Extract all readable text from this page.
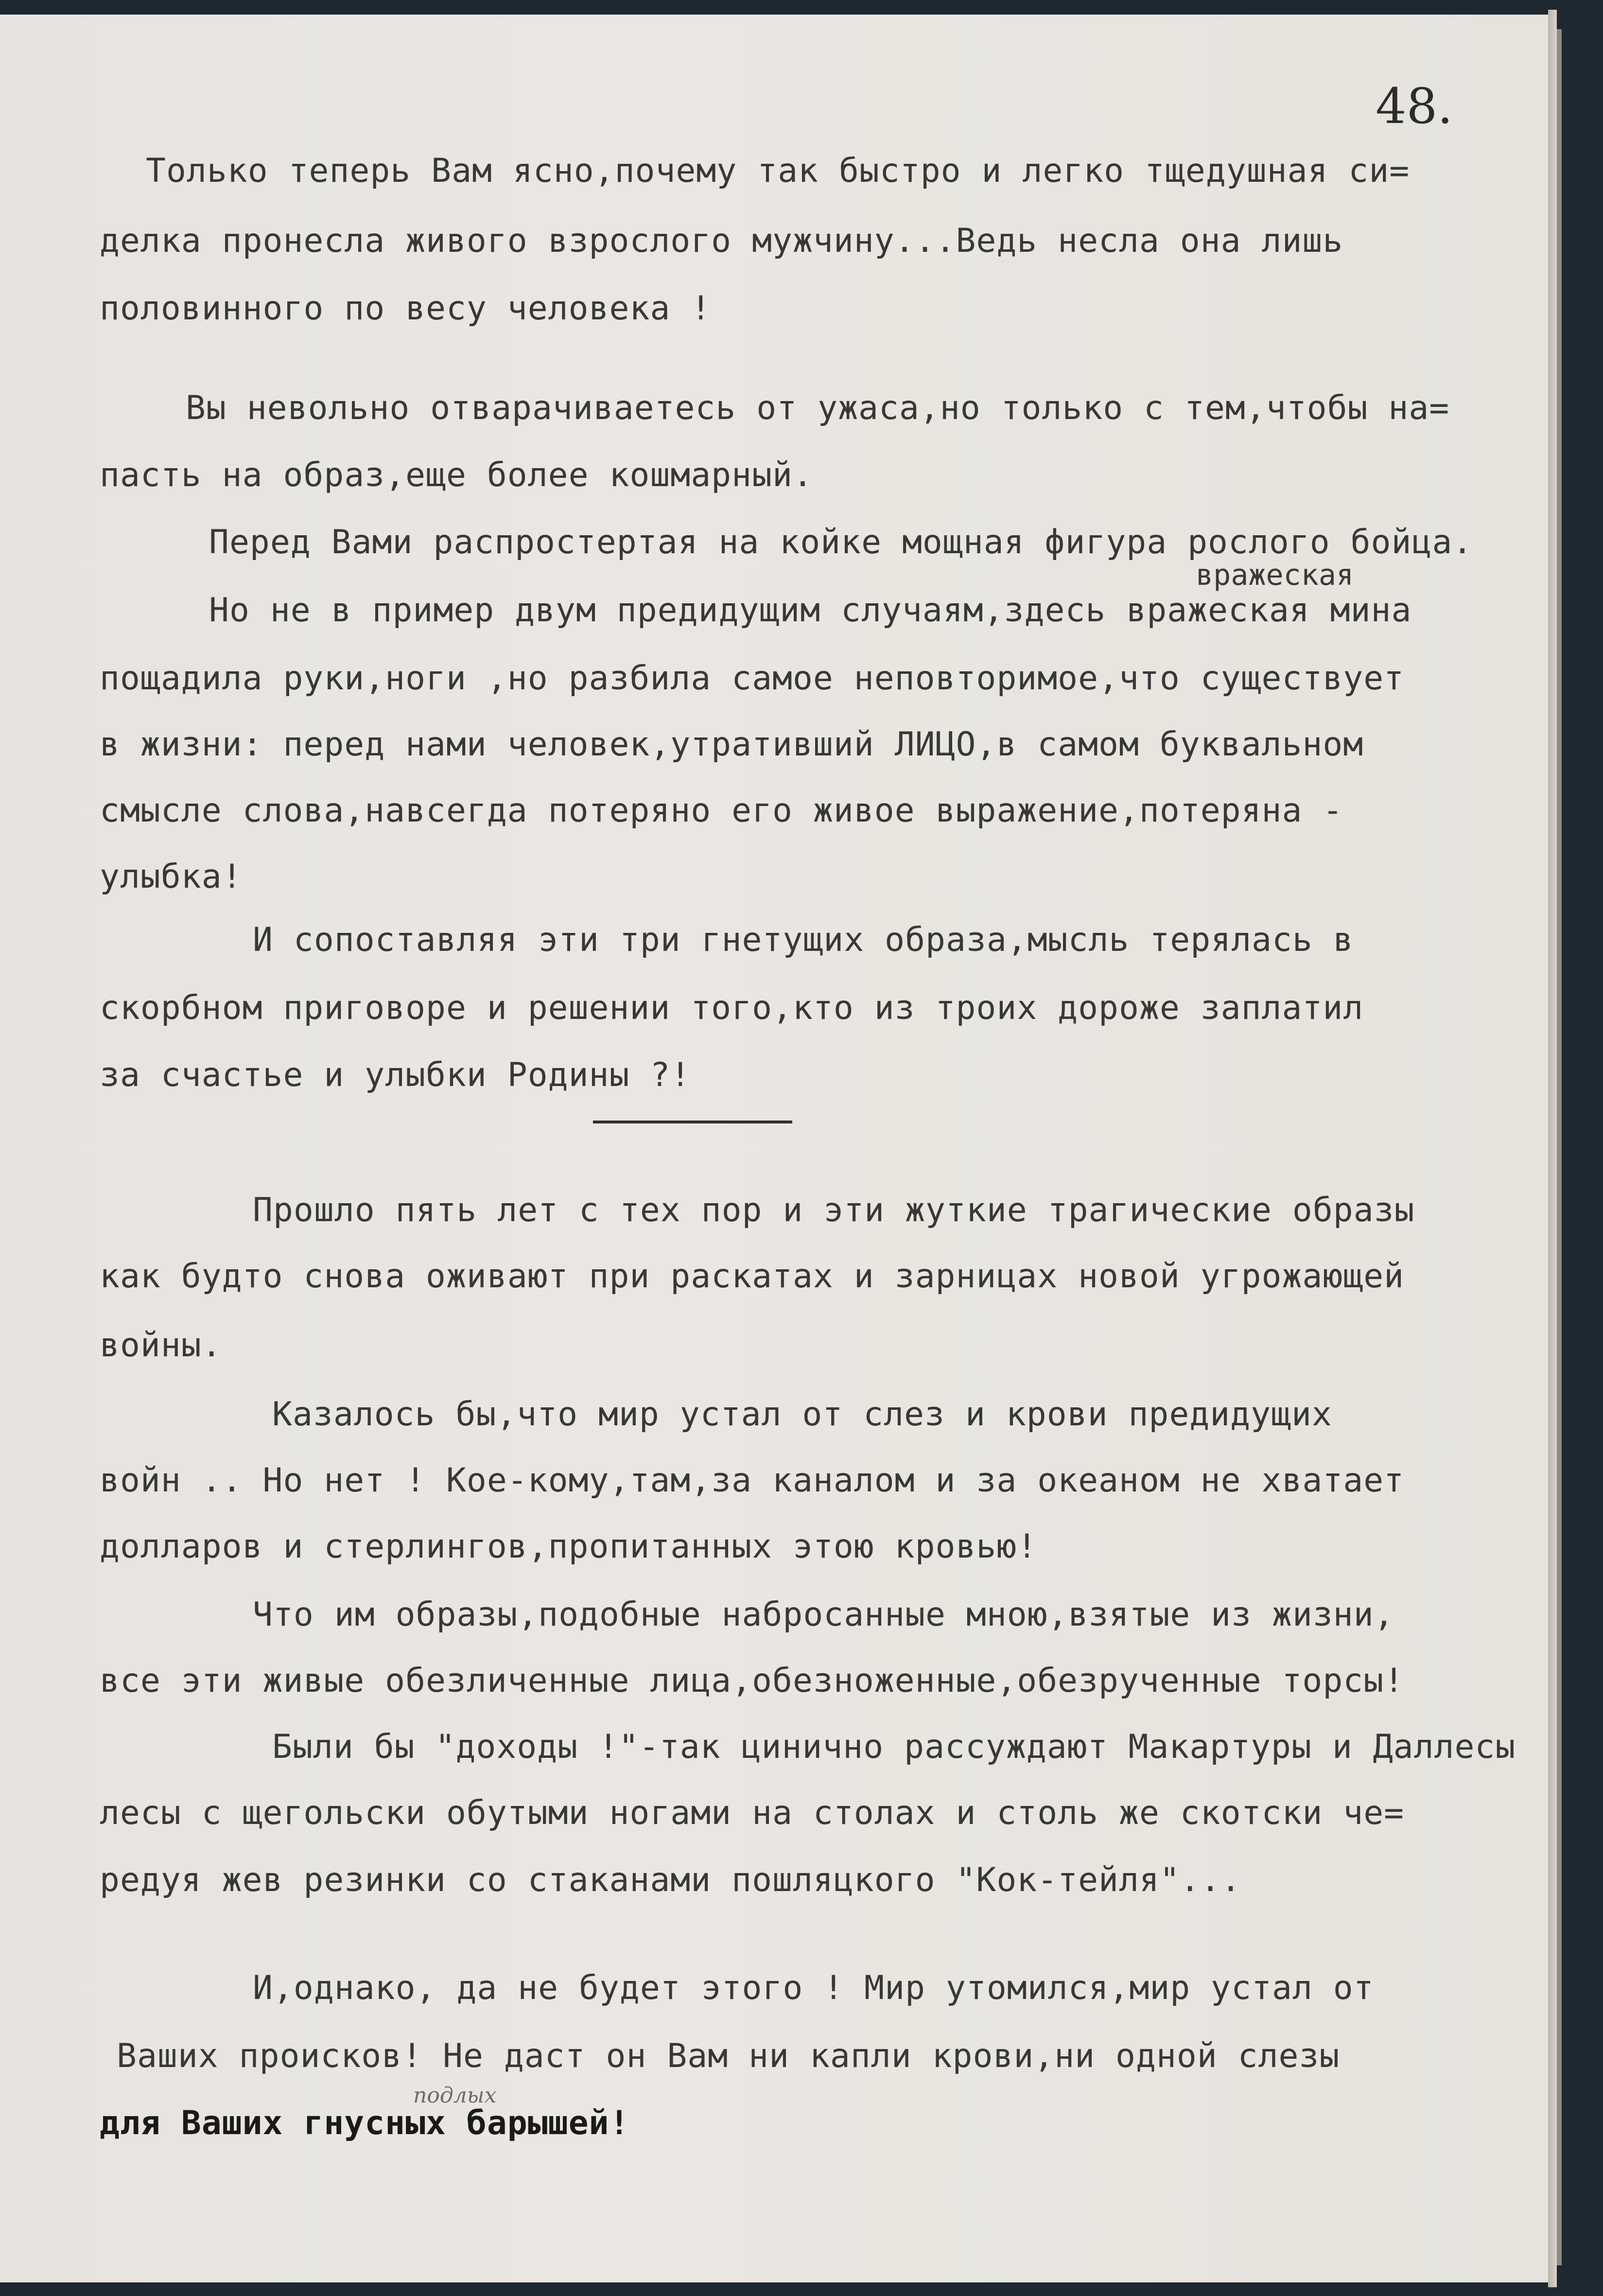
48.

Только теперь Вам ясно,почему так быстро и легко тщедушная си=

делка пронесла живого взрослого мужчину...Ведь несла она лишь

половинного по весу человека !

Вы невольно отварачиваетесь от ужаса,но только с тем,чтобы на=

пасть на образ,еще более кошмарный.

Перед Вами распростертая на койке мощная фигура рослого бойца.

вражеская

Но не в пример двум предидущим случаям,здесь вражеская мина

пощадила руки,ноги ,но разбила самое неповторимое,что существует

в жизни: перед нами человек,утративший ЛИЦО,в самом буквальном

смысле слова,навсегда потеряно его живое выражение,потеряна -

улыбка!

И сопоставляя эти три гнетущих образа,мысль терялась в

скорбном приговоре и решении того,кто из троих дороже заплатил

за счастье и улыбки Родины ?!

Прошло пять лет с тех пор и эти жуткие трагические образы

как будто снова оживают при раскатах и зарницах новой угрожающей

войны.

Казалось бы,что мир устал от слез и крови предидущих

войн .. Но нет ! Кое-кому,там,за каналом и за океаном не хватает

долларов и стерлингов,пропитанных этою кровью!

Что им образы,подобные набросанные мною,взятые из жизни,

все эти живые обезличенные лица,обезноженные,обезрученные торсы!

Были бы "доходы !"-так цинично рассуждают Макартуры и Даллесы

лесы с щегольски обутыми ногами на столах и столь же скотски че=

редуя жев резинки со стаканами пошляцкого "Кок-тейля"...

И,однако, да не будет этого ! Мир утомился,мир устал от

Ваших происков! Не даст он Вам ни капли крови,ни одной слезы

подлых

для Ваших гнусных барышей!
